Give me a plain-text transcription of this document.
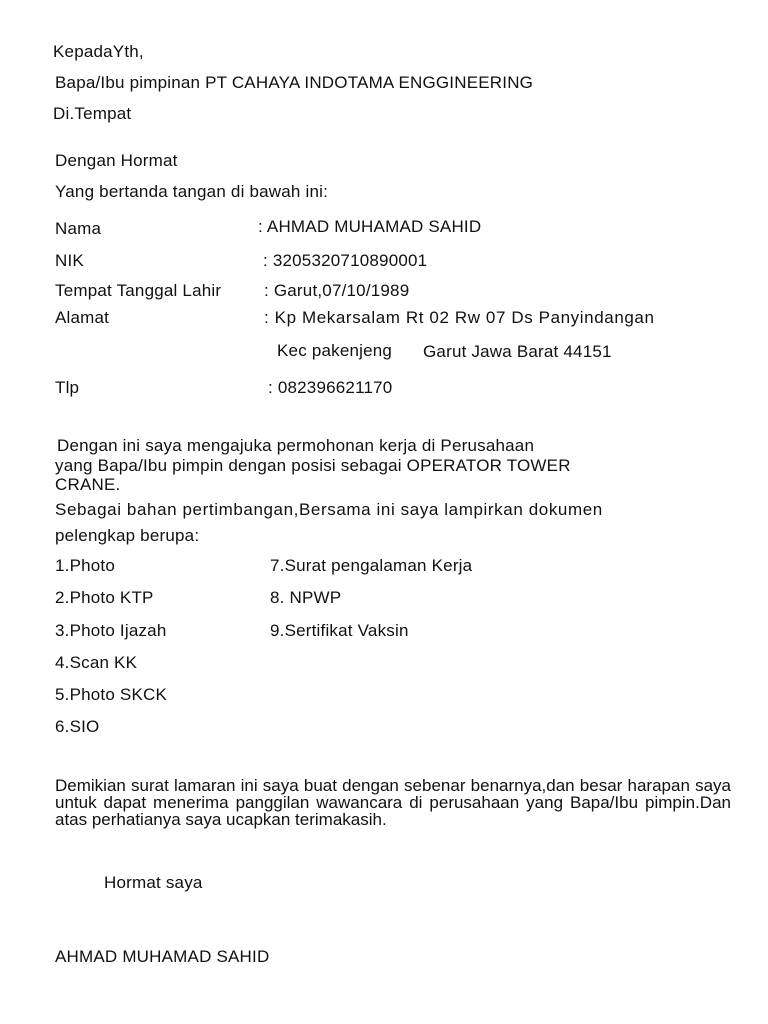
KepadaYth,
Bapa/Ibu pimpinan PT CAHAYA INDOTAMA ENGGINEERING
Di.Tempat
Dengan Hormat
Yang bertanda tangan di bawah ini:
Nama	: AHMAD MUHAMAD SAHID
NIK	: 3205320710890001
Tempat Tanggal Lahir	: Garut,07/10/1989
Alamat	: Kp Mekarsalam Rt 02 Rw 07 Ds Panyindangan
Kec pakenjeng Garut Jawa Barat 44151
Tlp	: 082396621170
Dengan ini saya mengajuka permohonan kerja di Perusahaan
yang Bapa/Ibu pimpin dengan posisi sebagai OPERATOR TOWER
CRANE.
Sebagai bahan pertimbangan,Bersama ini saya lampirkan dokumen
pelengkap berupa:
1.Photo
2.Photo KTP
3.Photo Ijazah
4.Scan KK
5.Photo SKCK
6.SIO
7.Surat pengalaman Kerja
8. NPWP
9.Sertifikat Vaksin

Demikian surat lamaran ini saya buat dengan sebenar benarnya,dan besar harapan saya untuk dapat menerima panggilan wawancara di perusahaan yang Bapa/Ibu pimpin.Dan atas perhatianya saya ucapkan terimakasih.

Hormat saya
AHMAD MUHAMAD SAHID
